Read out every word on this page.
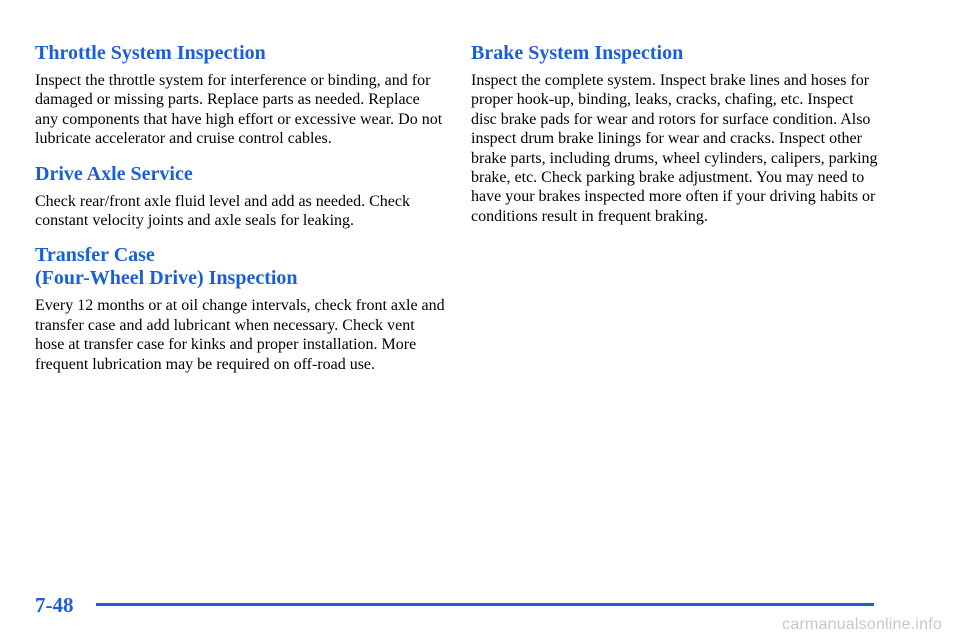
Throttle System Inspection

Inspect the throttle system for interference or binding, and for damaged or missing parts. Replace parts as needed. Replace any components that have high effort or excessive wear. Do not lubricate accelerator and cruise control cables.

Drive Axle Service

Check rear/front axle fluid level and add as needed. Check constant velocity joints and axle seals for leaking.

Transfer Case
(Four-Wheel Drive) Inspection

Every 12 months or at oil change intervals, check front axle and transfer case and add lubricant when necessary. Check vent hose at transfer case for kinks and proper installation. More frequent lubrication may be required on off-road use.

Brake System Inspection

Inspect the complete system. Inspect brake lines and hoses for proper hook-up, binding, leaks, cracks, chafing, etc. Inspect disc brake pads for wear and rotors for surface condition. Also inspect drum brake linings for wear and cracks. Inspect other brake parts, including drums, wheel cylinders, calipers, parking brake, etc. Check parking brake adjustment. You may need to have your brakes inspected more often if your driving habits or conditions result in frequent braking.

7-48
carmanualsonline.info
